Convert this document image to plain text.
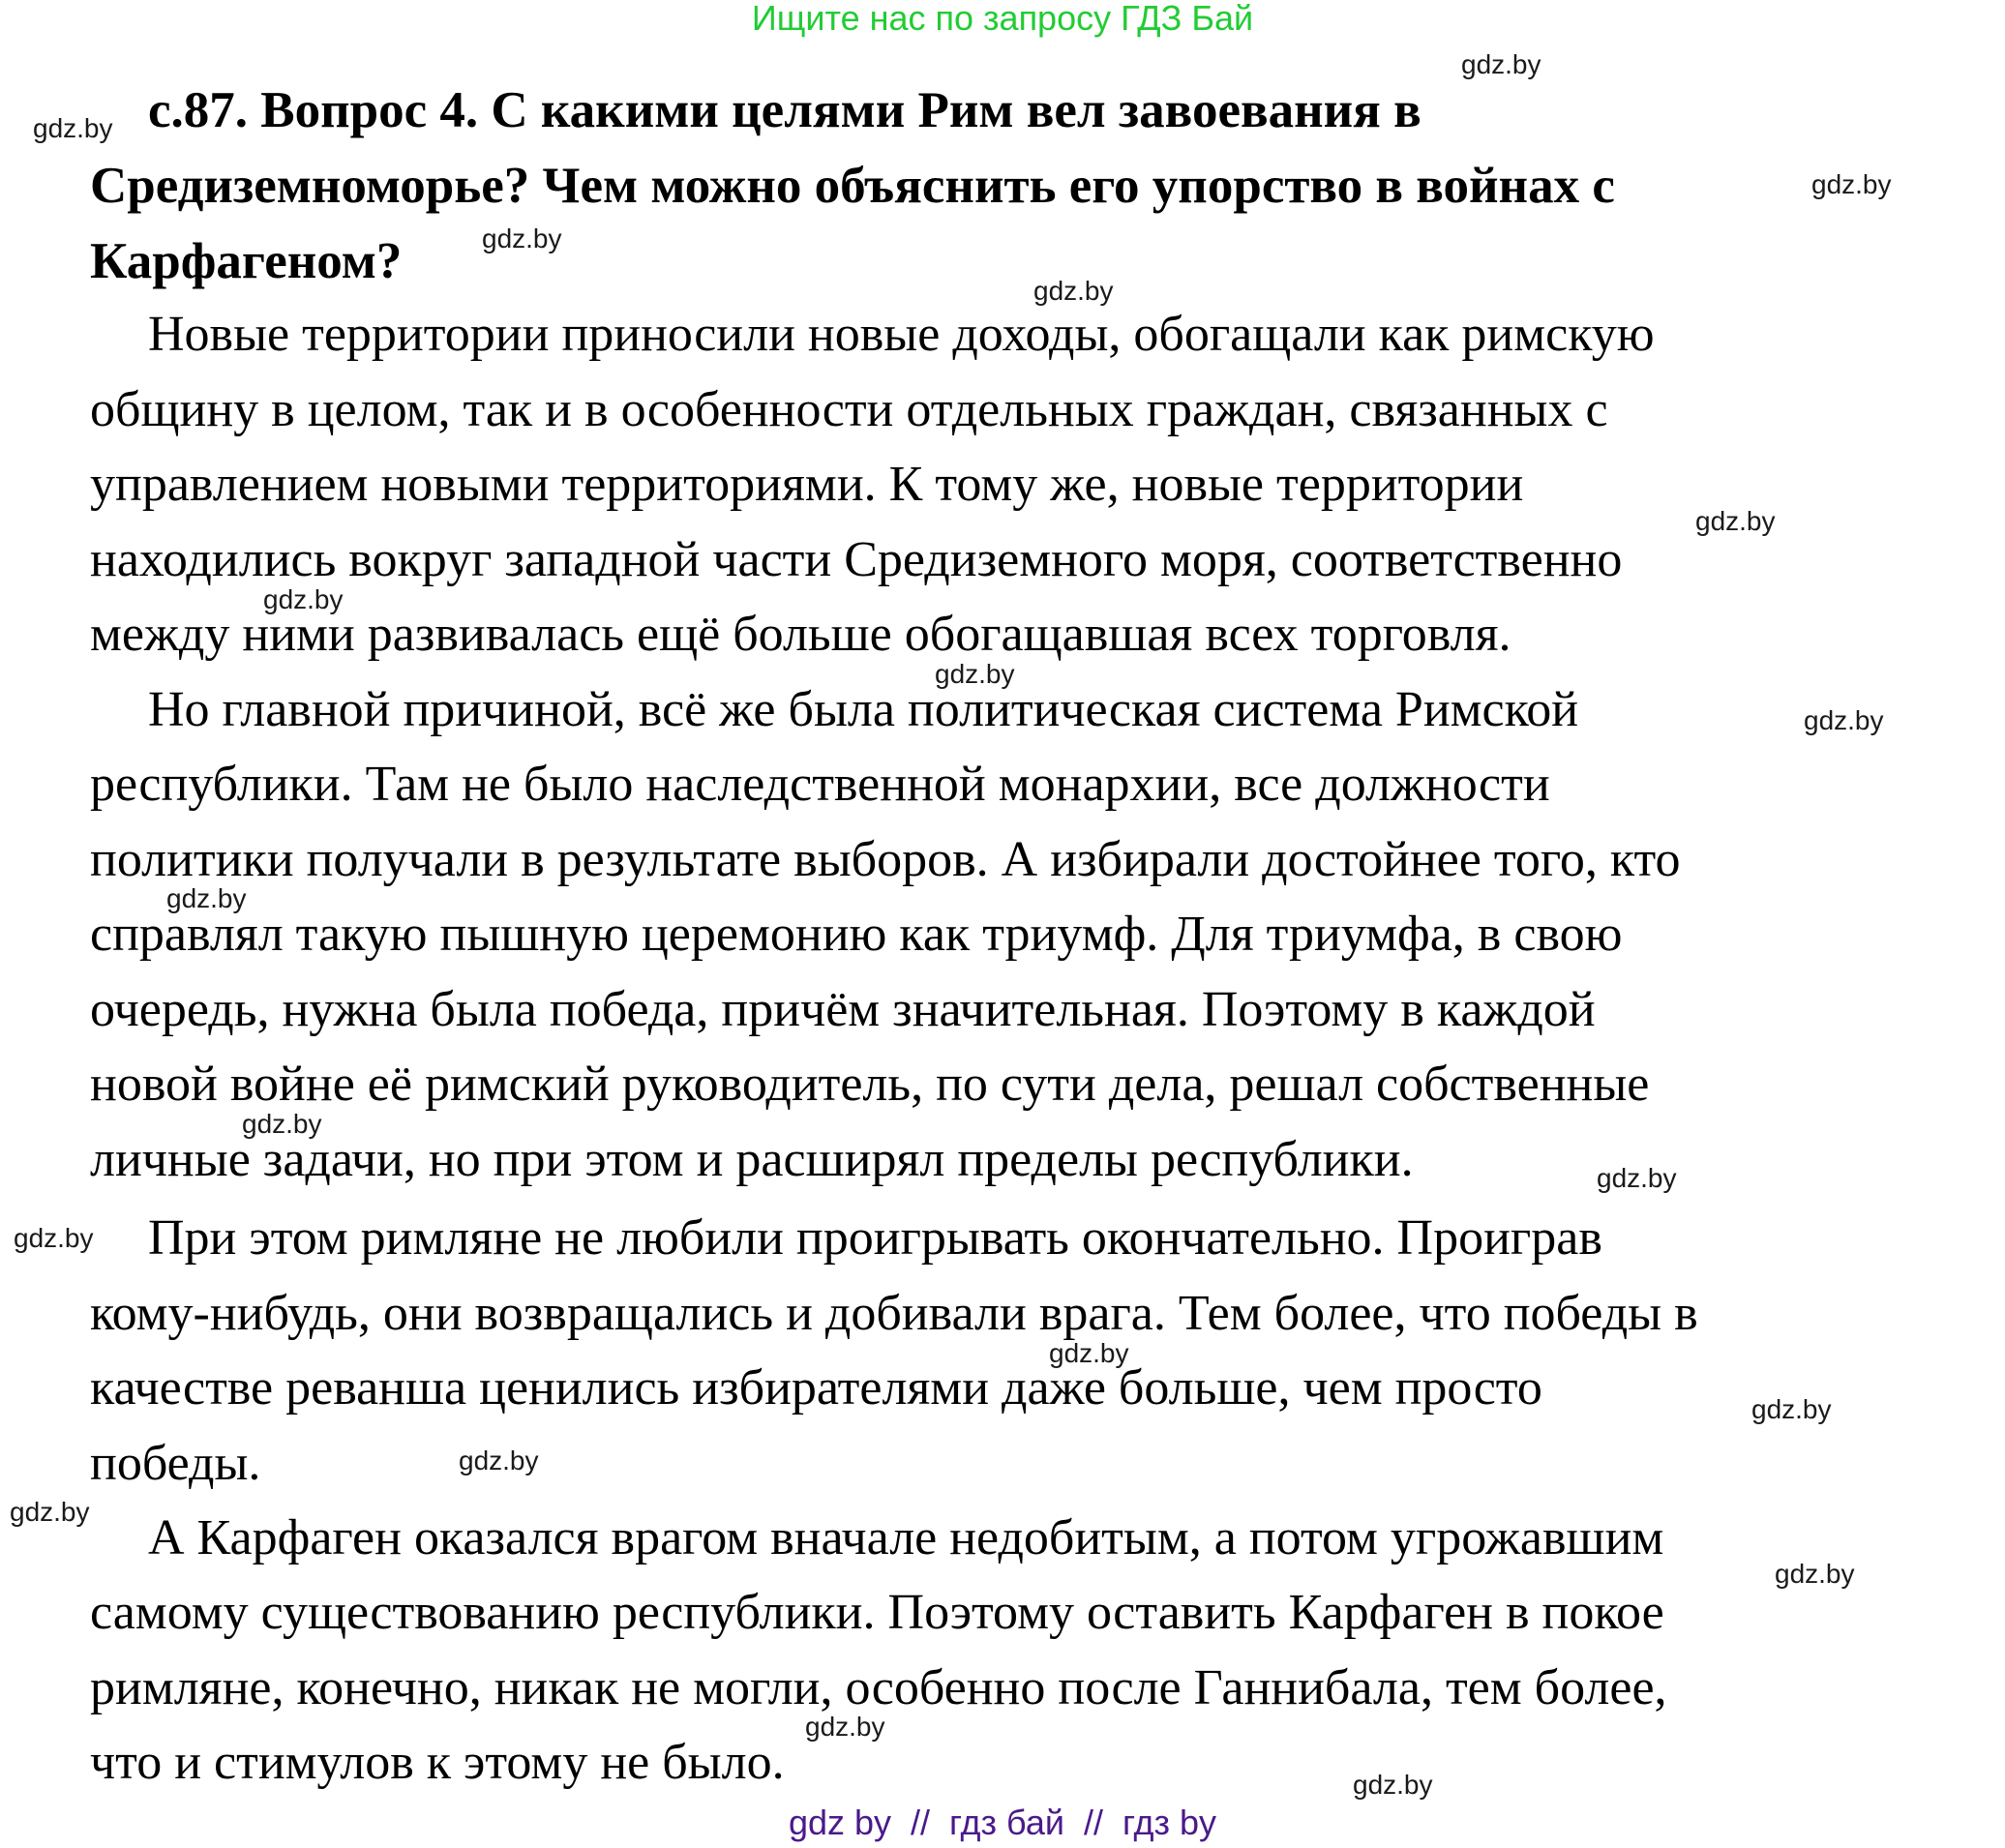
Ищите нас по запросу ГДЗ Бай
с.87. Вопрос 4. С какими целями Рим вел завоевания в
Средиземноморье? Чем можно объяснить его упорство в войнах с
Карфагеном?
Новые территории приносили новые доходы, обогащали как римскую
общину в целом, так и в особенности отдельных граждан, связанных с
управлением новыми территориями. К тому же, новые территории
находились вокруг западной части Средиземного моря, соответственно
между ними развивалась ещё больше обогащавшая всех торговля.
Но главной причиной, всё же была политическая система Римской
республики. Там не было наследственной монархии, все должности
политики получали в результате выборов. А избирали достойнее того, кто
справлял такую пышную церемонию как триумф. Для триумфа, в свою
очередь, нужна была победа, причём значительная. Поэтому в каждой
новой войне её римский руководитель, по сути дела, решал собственные
личные задачи, но при этом и расширял пределы республики.
При этом римляне не любили проигрывать окончательно. Проиграв
кому-нибудь, они возвращались и добивали врага. Тем более, что победы в
качестве реванша ценились избирателями даже больше, чем просто
победы.
А Карфаген оказался врагом вначале недобитым, а потом угрожавшим
самому существованию республики. Поэтому оставить Карфаген в покое
римляне, конечно, никак не могли, особенно после Ганнибала, тем более,
что и стимулов к этому не было.
gdz.by
gdz.by
gdz.by
gdz.by
gdz.by
gdz.by
gdz.by
gdz.by
gdz.by
gdz.by
gdz.by
gdz.by
gdz.by
gdz.by
gdz.by
gdz.by
gdz.by
gdz.by
gdz.by
gdz.by
gdz by  //  гдз бай  //  гдз by
